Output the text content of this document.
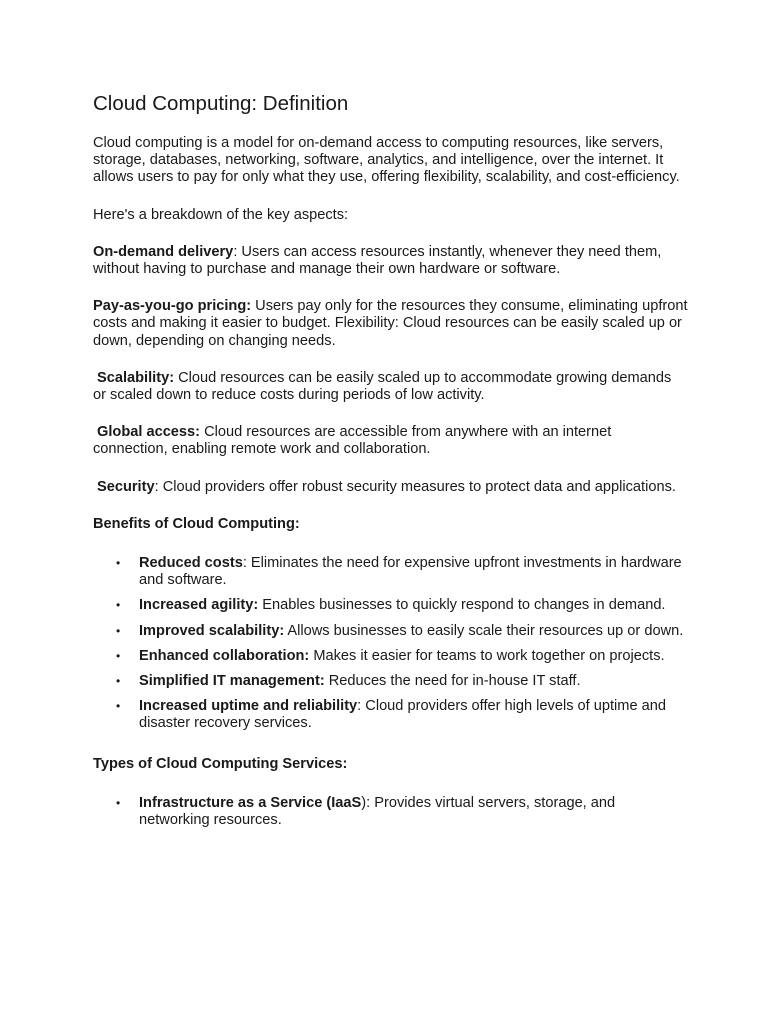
Cloud Computing: Definition

Cloud computing is a model for on-demand access to computing resources, like servers, storage, databases, networking, software, analytics, and intelligence, over the internet. It allows users to pay for only what they use, offering flexibility, scalability, and cost-efficiency.

Here's a breakdown of the key aspects:

On-demand delivery: Users can access resources instantly, whenever they need them, without having to purchase and manage their own hardware or software.

Pay-as-you-go pricing: Users pay only for the resources they consume, eliminating upfront costs and making it easier to budget. Flexibility: Cloud resources can be easily scaled up or down, depending on changing needs.

Scalability: Cloud resources can be easily scaled up to accommodate growing demands or scaled down to reduce costs during periods of low activity.

Global access: Cloud resources are accessible from anywhere with an internet connection, enabling remote work and collaboration.

Security: Cloud providers offer robust security measures to protect data and applications.

Benefits of Cloud Computing:
• Reduced costs: Eliminates the need for expensive upfront investments in hardware and software.
• Increased agility: Enables businesses to quickly respond to changes in demand.
• Improved scalability: Allows businesses to easily scale their resources up or down.
• Enhanced collaboration: Makes it easier for teams to work together on projects.
• Simplified IT management: Reduces the need for in-house IT staff.
• Increased uptime and reliability: Cloud providers offer high levels of uptime and disaster recovery services.
Types of Cloud Computing Services:
• Infrastructure as a Service (IaaS): Provides virtual servers, storage, and networking resources.
